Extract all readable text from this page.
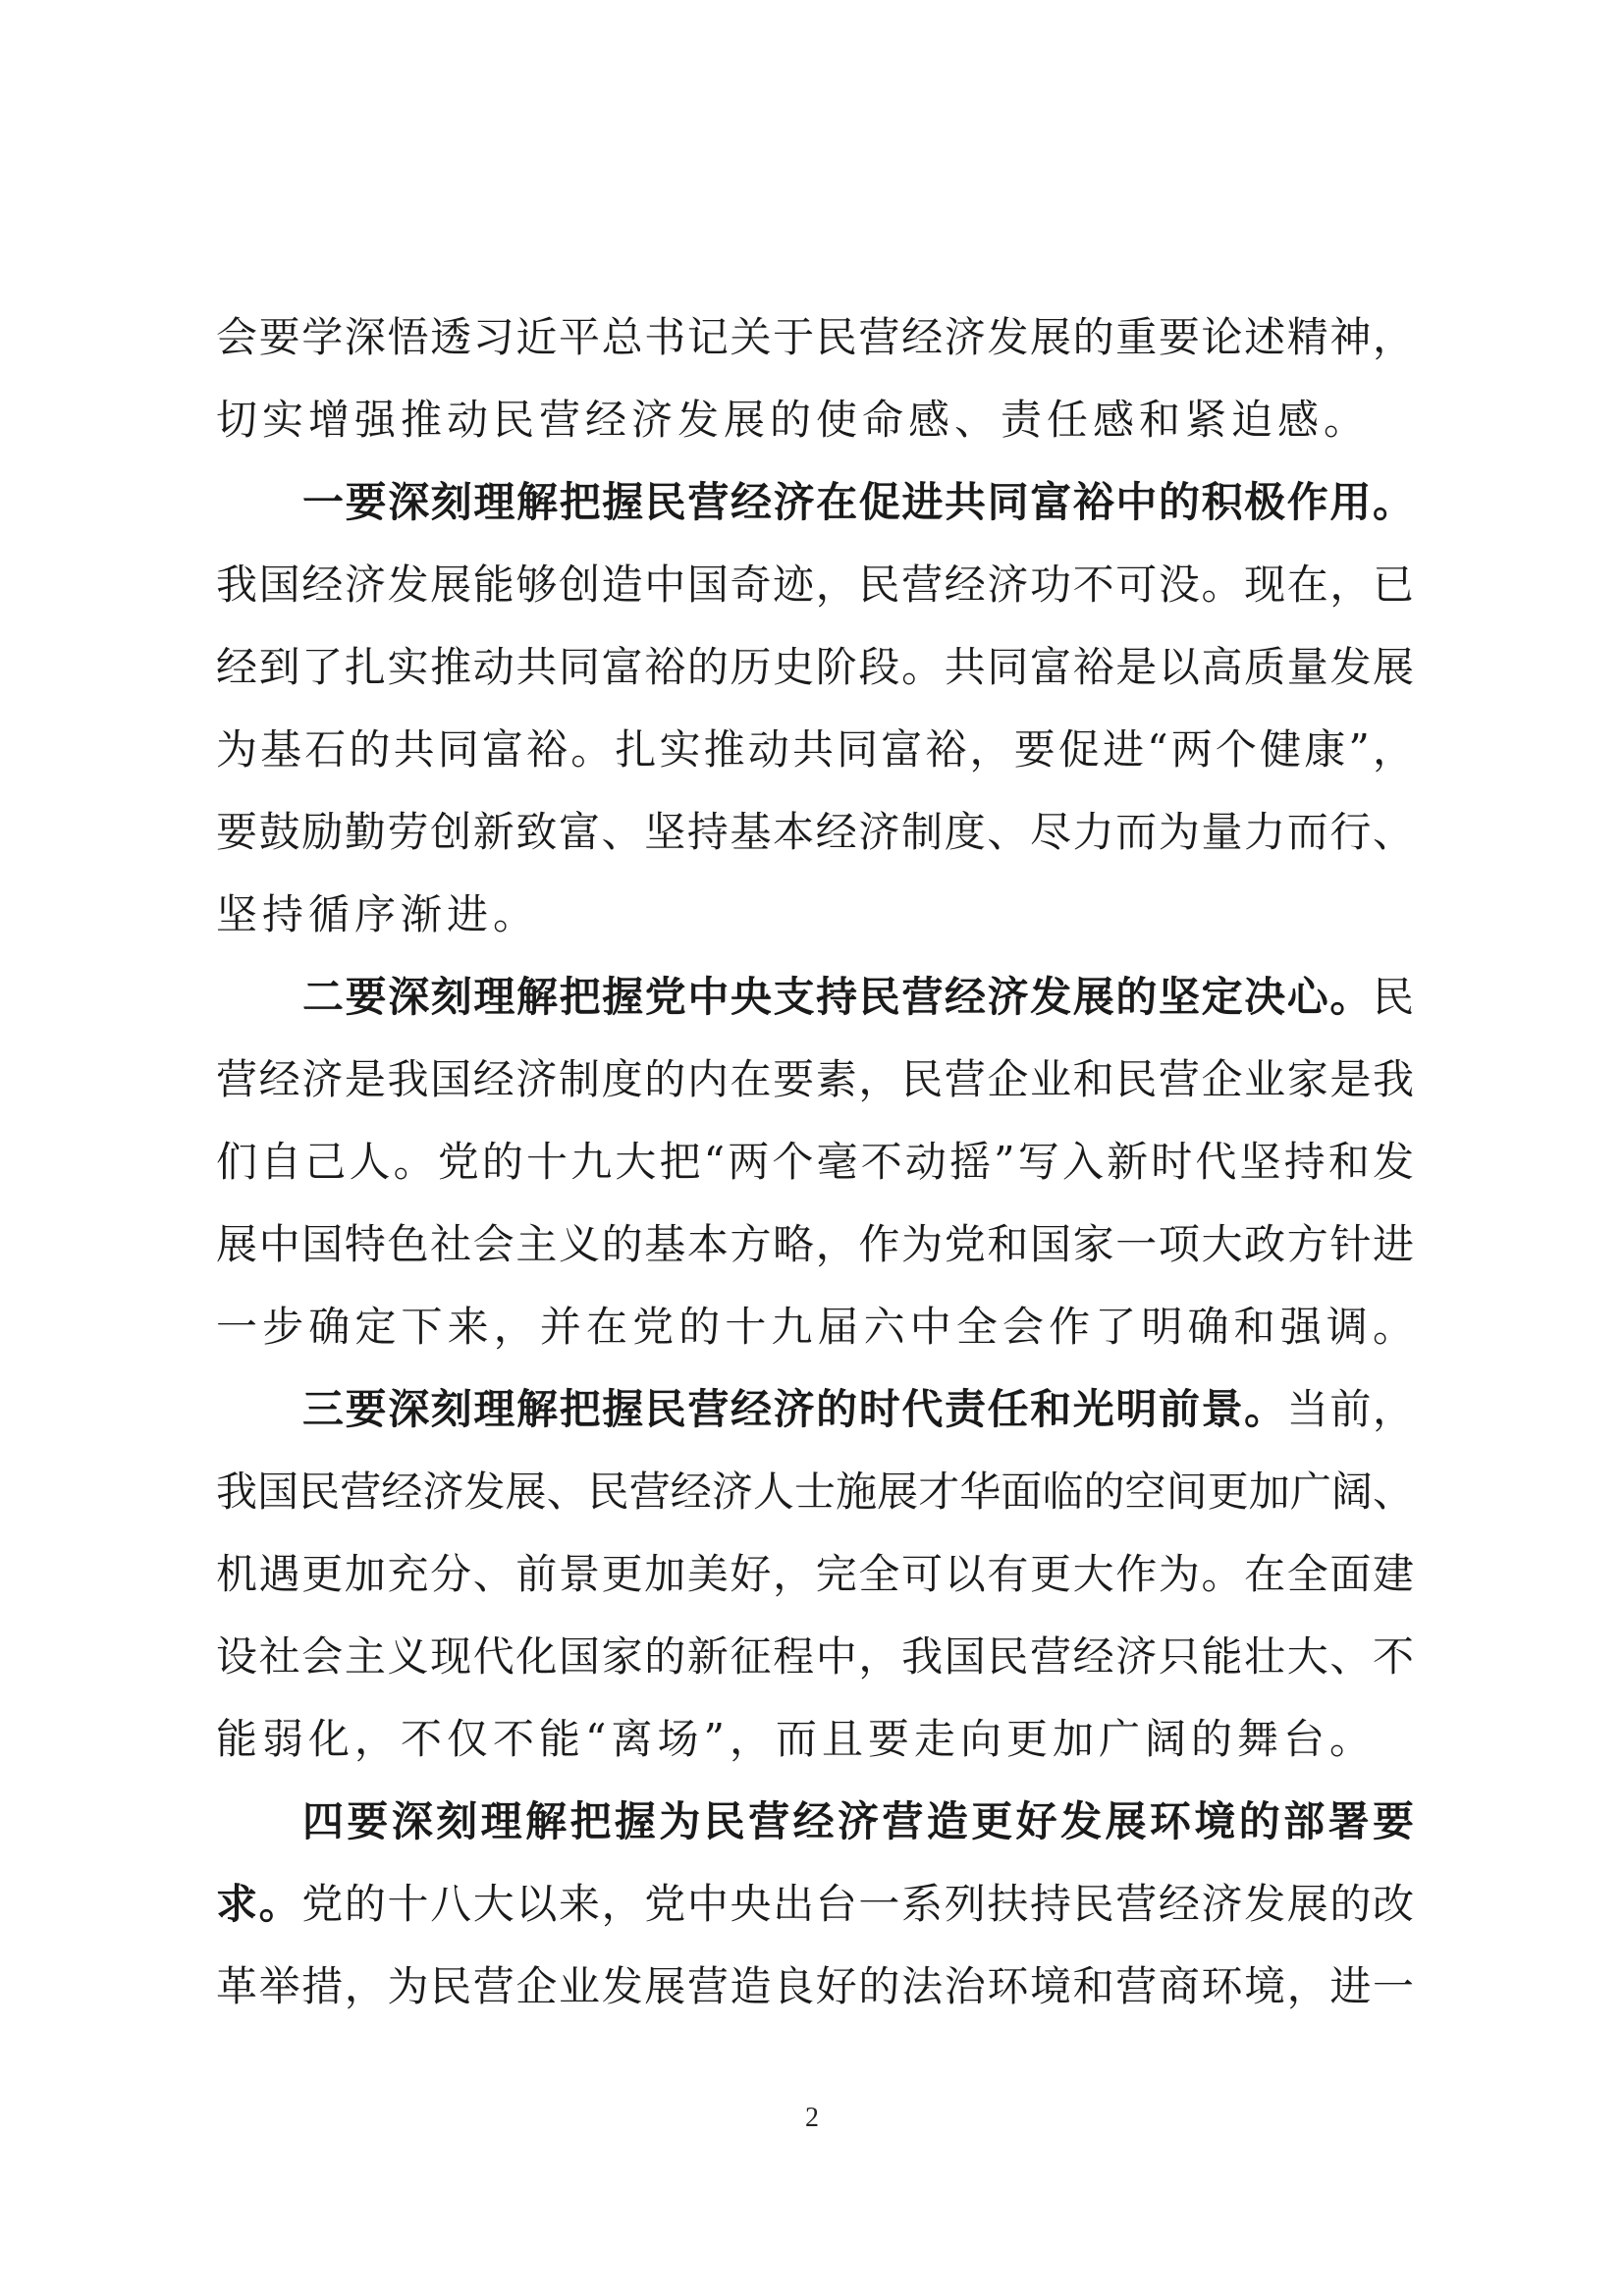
会要学深悟透习近平总书记关于民营经济发展的重要论述精神，
切实增强推动民营经济发展的使命感、责任感和紧迫感。
一要深刻理解把握民营经济在促进共同富裕中的积极作用。
我国经济发展能够创造中国奇迹，民营经济功不可没。现在，已
经到了扎实推动共同富裕的历史阶段。共同富裕是以高质量发展
为基石的共同富裕。扎实推动共同富裕，要促进“两个健康”，
要鼓励勤劳创新致富、坚持基本经济制度、尽力而为量力而行、
坚持循序渐进。
二要深刻理解把握党中央支持民营经济发展的坚定决心。民
营经济是我国经济制度的内在要素，民营企业和民营企业家是我
们自己人。党的十九大把“两个毫不动摇”写入新时代坚持和发
展中国特色社会主义的基本方略，作为党和国家一项大政方针进
一步确定下来，并在党的十九届六中全会作了明确和强调。
三要深刻理解把握民营经济的时代责任和光明前景。当前，
我国民营经济发展、民营经济人士施展才华面临的空间更加广阔、
机遇更加充分、前景更加美好，完全可以有更大作为。在全面建
设社会主义现代化国家的新征程中，我国民营经济只能壮大、不
能弱化，不仅不能“离场”，而且要走向更加广阔的舞台。
四要深刻理解把握为民营经济营造更好发展环境的部署要
求。党的十八大以来，党中央出台一系列扶持民营经济发展的改
革举措，为民营企业发展营造良好的法治环境和营商环境，进一
2
